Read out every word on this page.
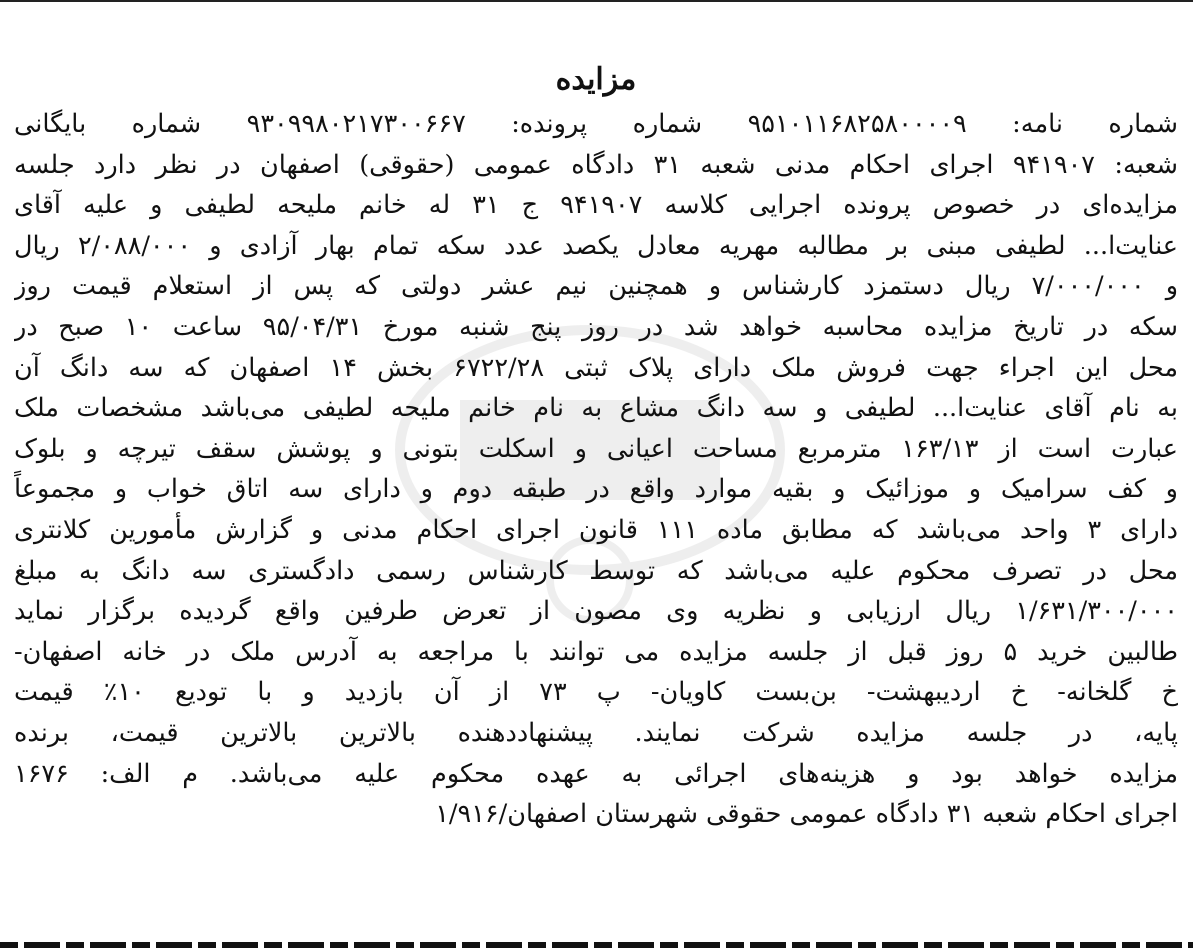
مزایده
شماره نامه: ۹۵۱۰۱۱۶۸۲۵۸۰۰۰۰۹ شماره پرونده: ۹۳۰۹۹۸۰۲۱۷۳۰۰۶۶۷ شماره بایگانی
شعبه: ۹۴۱۹۰۷ اجرای احکام مدنی شعبه ۳۱ دادگاه عمومی (حقوقی) اصفهان در نظر دارد جلسه
مزایده‌ای در خصوص پرونده اجرایی کلاسه ۹۴۱۹۰۷ ج ۳۱ له خانم ملیحه لطیفی و علیه آقای
عنایت‌ا... لطیفی مبنی بر مطالبه مهریه معادل یکصد عدد سکه تمام بهار آزادی و ۲/۰۸۸/۰۰۰ ریال
و ۷/۰۰۰/۰۰۰ ریال دستمزد کارشناس و همچنین نیم عشر دولتی که پس از استعلام قیمت روز
سکه در تاریخ مزایده محاسبه خواهد شد در روز پنج شنبه مورخ ۹۵/۰۴/۳۱ ساعت ۱۰ صبح در
محل این اجراء جهت فروش ملک دارای پلاک ثبتی ۶۷۲۲/۲۸ بخش ۱۴ اصفهان که سه دانگ آن
به نام آقای عنایت‌ا... لطیفی و سه دانگ مشاع به نام خانم ملیحه لطیفی می‌باشد مشخصات ملک
عبارت است از ۱۶۳/۱۳ مترمربع مساحت اعیانی و اسکلت بتونی و پوشش سقف تیرچه و بلوک
و کف سرامیک و موزائیک و بقیه موارد واقع در طبقه دوم و دارای سه اتاق خواب و مجموعاً
دارای ۳ واحد می‌باشد که مطابق ماده ۱۱۱ قانون اجرای احکام مدنی و گزارش مأمورین کلانتری
محل در تصرف محکوم علیه می‌باشد که توسط کارشناس رسمی دادگستری سه دانگ به مبلغ
۱/۶۳۱/۳۰۰/۰۰۰ ریال ارزیابی و نظریه وی مصون از تعرض طرفین واقع گردیده برگزار نماید
طالبین خرید ۵ روز قبل از جلسه مزایده می توانند با مراجعه به آدرس ملک در خانه اصفهان-
خ گلخانه- خ اردیبهشت- بن‌بست کاویان- پ ۷۳ از آن بازدید و با تودیع ۱۰٪ قیمت
پایه، در جلسه مزایده شرکت نمایند. پیشنهاددهنده بالاترین بالاترین قیمت، برنده
مزایده خواهد بود و هزینه‌های اجرائی به عهده محکوم علیه می‌باشد. م الف: ۱۶۷۶
اجرای احکام شعبه ۳۱ دادگاه عمومی حقوقی شهرستان اصفهان/۱/۹۱۶
